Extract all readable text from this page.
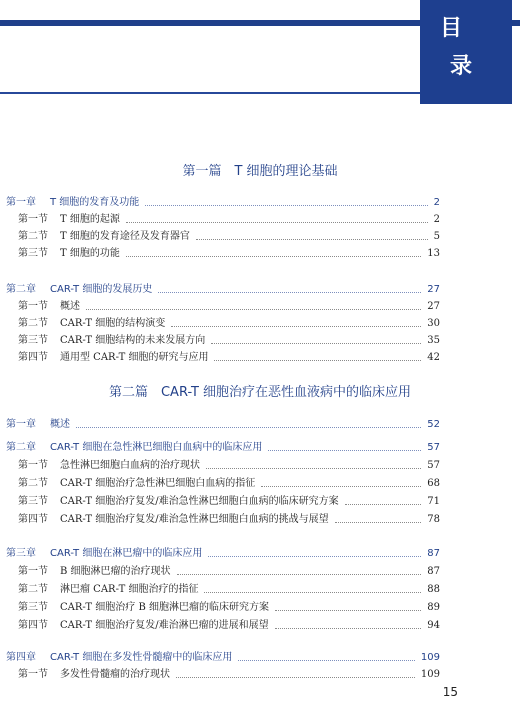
目
录
第一篇　T 细胞的理论基础
第二篇　CAR-T 细胞治疗在恶性血液病中的临床应用
第一章 T 细胞的发育及功能	2
第一节 T 细胞的起源	2
第二节 T 细胞的发育途径及发育器官	5
第三节 T 细胞的功能	13
第二章 CAR-T 细胞的发展历史	27
第一节 概述	27
第二节 CAR-T 细胞的结构演变	30
第三节 CAR-T 细胞结构的未来发展方向	35
第四节 通用型 CAR-T 细胞的研究与应用	42
第一章 概述	52
第二章 CAR-T 细胞在急性淋巴细胞白血病中的临床应用	57
第一节 急性淋巴细胞白血病的治疗现状	57
第二节 CAR-T 细胞治疗急性淋巴细胞白血病的指征	68
第三节 CAR-T 细胞治疗复发/难治急性淋巴细胞白血病的临床研究方案	71
第四节 CAR-T 细胞治疗复发/难治急性淋巴细胞白血病的挑战与展望	78
第三章 CAR-T 细胞在淋巴瘤中的临床应用	87
第一节 B 细胞淋巴瘤的治疗现状	87
第二节 淋巴瘤 CAR-T 细胞治疗的指征	88
第三节 CAR-T 细胞治疗 B 细胞淋巴瘤的临床研究方案	89
第四节 CAR-T 细胞治疗复发/难治淋巴瘤的进展和展望	94
第四章 CAR-T 细胞在多发性骨髓瘤中的临床应用	109
第一节 多发性骨髓瘤的治疗现状	109
15
